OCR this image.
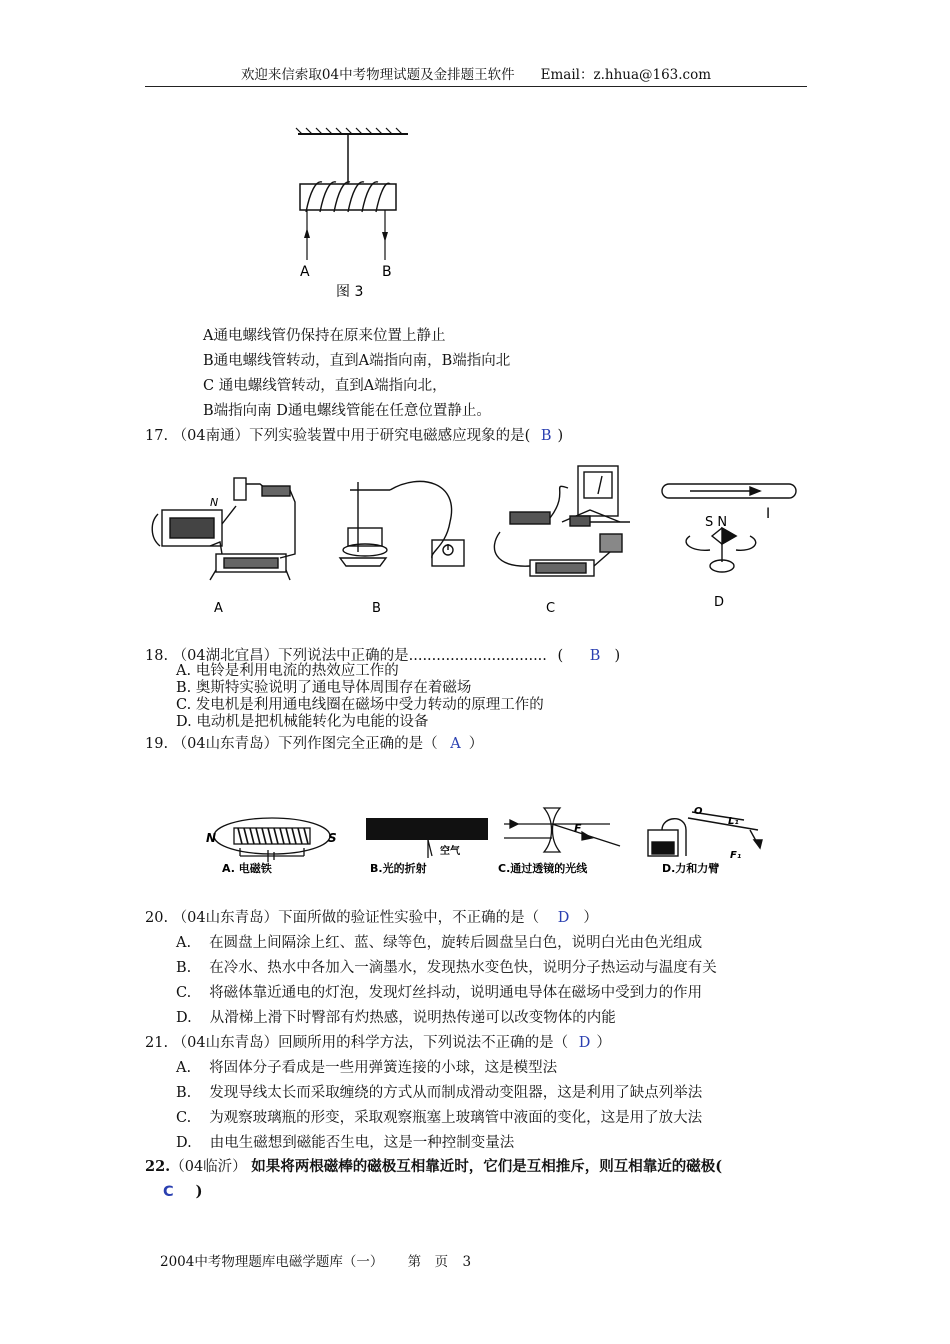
欢迎来信索取04中考物理试题及金排题王软件 Email：z.hhua@163.com
A	B
图 3
A通电螺线管仍保持在原来位置上静止
B通电螺线管转动，直到A端指向南，B端指向北
C 通电螺线管转动，直到A端指向北，
B端指向南 D通电螺线管能在任意位置静止。
17. （04南通）下列实验装置中用于研究电磁感应现象的是( B )
N
A	B	C
S N
I
D
18. （04湖北宜昌）下列说法中正确的是.............................. ( B )
A. 电铃是利用电流的热效应工作的
B. 奥斯特实验说明了通电导体周围存在着磁场
C. 发电机是利用通电线圈在磁场中受力转动的原理工作的
D. 电动机是把机械能转化为电能的设备
19. （04山东青岛）下列作图完全正确的是（ A ）
N	S
A. 电磁铁
空气
B.光的折射
F
C.通过透镜的光线
O
L₁
F₁
D.力和力臂
20. （04山东青岛）下面所做的验证性实验中，不正确的是（ D ）
A. 在圆盘上间隔涂上红、蓝、绿等色，旋转后圆盘呈白色，说明白光由色光组成
B. 在冷水、热水中各加入一滴墨水，发现热水变色快，说明分子热运动与温度有关
C. 将磁体靠近通电的灯泡，发现灯丝抖动，说明通电导体在磁场中受到力的作用
D. 从滑梯上滑下时臀部有灼热感，说明热传递可以改变物体的内能
21. （04山东青岛）回顾所用的科学方法，下列说法不正确的是（ D ）
A. 将固体分子看成是一些用弹簧连接的小球，这是模型法
B. 发现导线太长而采取缠绕的方式从而制成滑动变阻器，这是利用了缺点列举法
C. 为观察玻璃瓶的形变，采取观察瓶塞上玻璃管中液面的变化，这是用了放大法
D. 由电生磁想到磁能否生电，这是一种控制变量法
22.（04临沂） 如果将两根磁棒的磁极互相靠近时，它们是互相推斥，则互相靠近的磁极(
C )
2004中考物理题库电磁学题库（一） 第　页 3
